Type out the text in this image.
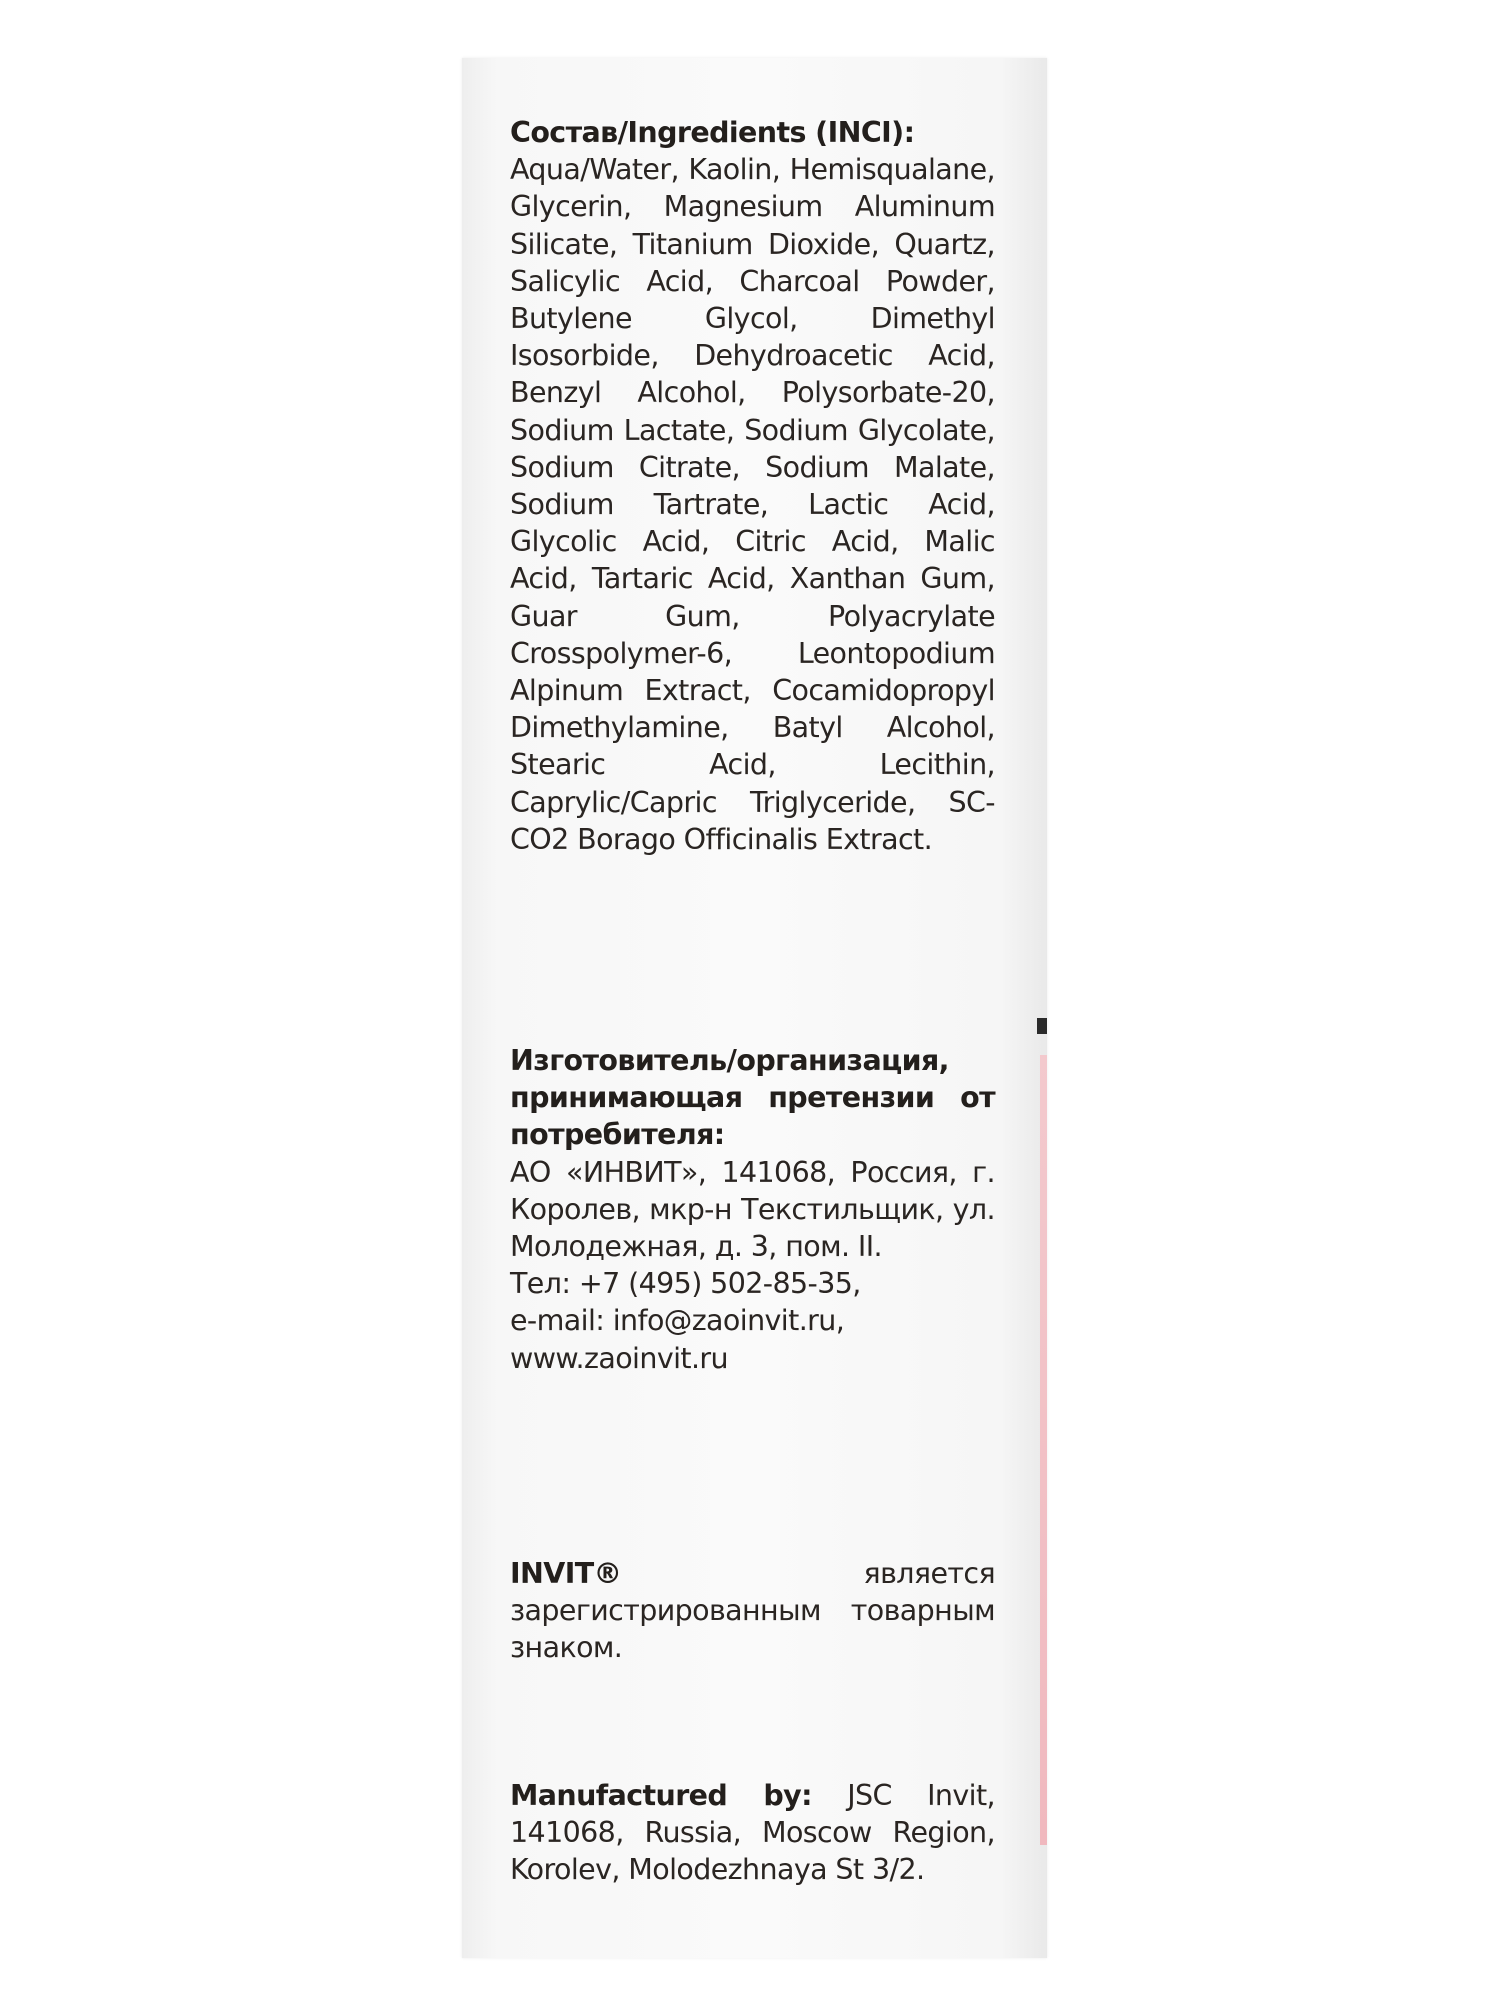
Состав/Ingredients (INCI):
Aqua/Water, Kaolin, Hemisqualane, Glycerin, Magnesium Aluminum Silicate, Titanium Dioxide, Quartz, Salicylic Acid, Charcoal Powder, Butylene Glycol, Dimethyl Isosorbide, Dehydroacetic Acid, Benzyl Alcohol, Polysorbate-20, Sodium Lactate, Sodium Glycolate, Sodium Citrate, Sodium Malate, Sodium Tartrate, Lactic Acid, Glycolic Acid, Citric Acid, Malic Acid, Tartaric Acid, Xanthan Gum, Guar Gum, Polyacrylate Crosspolymer-6, Leontopodium Alpinum Extract, Cocamidopropyl Dimethylamine, Batyl Alcohol, Stearic Acid, Lecithin, Caprylic/Capric Triglyceride, SC-CO2 Borago Officinalis Extract.
Изготовитель/организация, принимающая претензии от потребителя:
АО «ИНВИТ», 141068, Россия, г. Королев, мкр-н Текстильщик, ул. Молодежная, д. 3, пом. II.
Тел: +7 (495) 502-85-35,
e-mail: info@zaoinvit.ru,
www.zaoinvit.ru
INVIT®	является зарегистрированным товарным знаком.
Manufactured by: JSC Invit, 141068, Russia, Moscow Region, Korolev, Molodezhnaya St 3/2.
